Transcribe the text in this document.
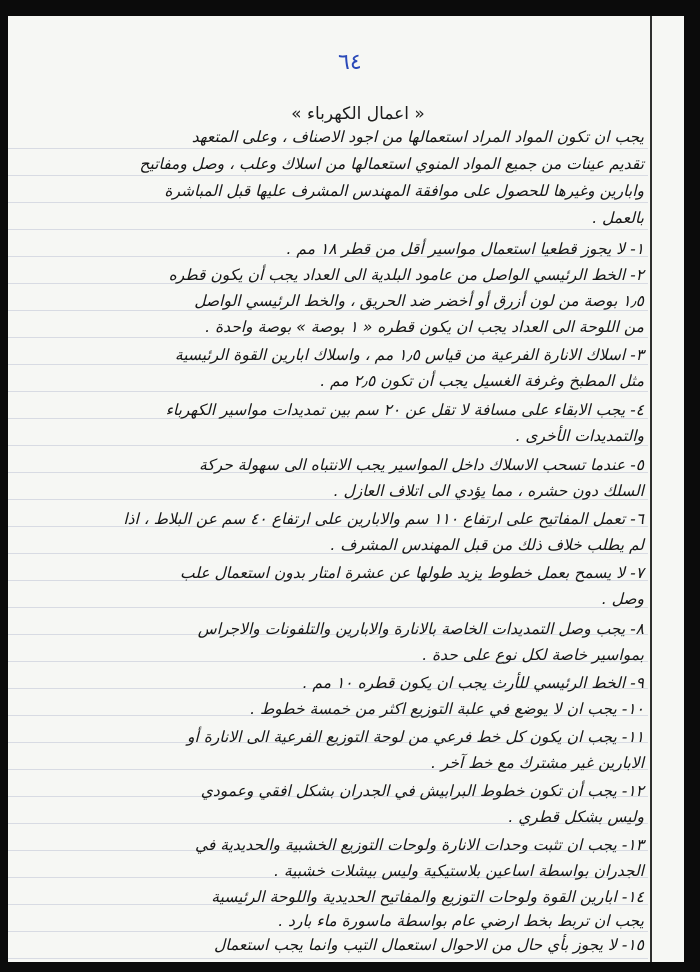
٦٤
« اعمال الكهرباء »
يجب ان تكون المواد المراد استعمالها من اجود الاصناف ، وعلى المتعهد
تقديم عينات من جميع المواد المنوي استعمالها من اسلاك وعلب ، وصل ومفاتيح
وابارين وغيرها للحصول على موافقة المهندس المشرف عليها قبل المباشرة
بالعمل .
١- لا يجوز قطعيا استعمال مواسير أقل من قطر ١٨ مم .
٢- الخط الرئيسي الواصل من عامود البلدية الى العداد يجب أن يكون قطره
١٫٥ بوصة من لون أزرق أو أخضر ضد الحريق ، والخط الرئيسي الواصل
من اللوحة الى العداد يجب ان يكون قطره « ١ بوصة » بوصة واحدة .
٣- اسلاك الانارة الفرعية من قياس ١٫٥ مم ، واسلاك ابارين القوة الرئيسية
مثل المطبخ وغرفة الغسيل يجب أن تكون ٢٫٥ مم .
٤- يجب الابقاء على مسافة لا تقل عن ٢٠ سم بين تمديدات مواسير الكهرباء
والتمديدات الأخرى .
٥- عندما تسحب الاسلاك داخل المواسير يجب الانتباه الى سهولة حركة
السلك دون حشره ، مما يؤدي الى اتلاف العازل .
٦- تعمل المفاتيح على ارتفاع ١١٠ سم والابارين على ارتفاع ٤٠ سم عن البلاط ، اذا
لم يطلب خلاف ذلك من قبل المهندس المشرف .
٧- لا يسمح بعمل خطوط يزيد طولها عن عشرة امتار بدون استعمال علب
وصل .
٨- يجب وصل التمديدات الخاصة بالانارة والابارين والتلفونات والاجراس
بمواسير خاصة لكل نوع على حدة .
٩- الخط الرئيسي للأرث يجب ان يكون قطره ١٠ مم .
١٠- يجب ان لا يوضع في علبة التوزيع اكثر من خمسة خطوط .
١١- يجب ان يكون كل خط فرعي من لوحة التوزيع الفرعية الى الانارة أو
الابارين غير مشترك مع خط آخر .
١٢- يجب أن تكون خطوط البرابيش في الجدران بشكل افقي وعمودي
وليس بشكل قطري .
١٣- يجب ان تثبت وحدات الانارة ولوحات التوزيع الخشبية والحديدية في
الجدران بواسطة اساعين بلاستيكية وليس بيشلات خشبية .
١٤- ابارين القوة ولوحات التوزيع والمفاتيح الحديدية واللوحة الرئيسية
يجب ان تربط بخط ارضي عام بواسطة ماسورة ماء بارد .
١٥- لا يجوز بأي حال من الاحوال استعمال التيب وانما يجب استعمال
